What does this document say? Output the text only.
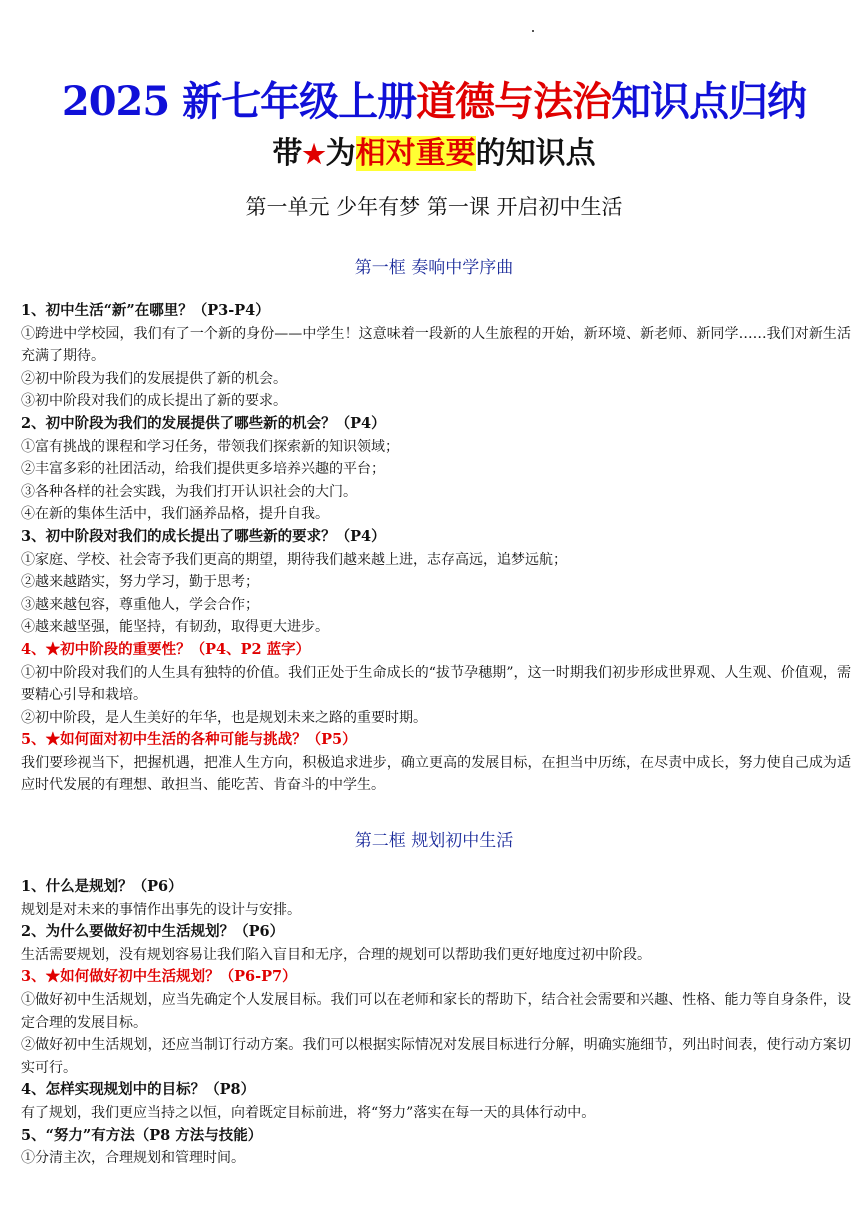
2025 新七年级上册道德与法治知识点归纳
带★为相对重要的知识点
第一单元 少年有梦 第一课 开启初中生活
第一框 奏响中学序曲
1、初中生活“新”在哪里？（P3-P4）
①跨进中学校园，我们有了一个新的身份——中学生！这意味着一段新的人生旅程的开始，新环境、新老师、新同学……我们对新生活充满了期待。
②初中阶段为我们的发展提供了新的机会。
③初中阶段对我们的成长提出了新的要求。
2、初中阶段为我们的发展提供了哪些新的机会？（P4）
①富有挑战的课程和学习任务，带领我们探索新的知识领域；
②丰富多彩的社团活动，给我们提供更多培养兴趣的平台；
③各种各样的社会实践，为我们打开认识社会的大门。
④在新的集体生活中，我们涵养品格，提升自我。
3、初中阶段对我们的成长提出了哪些新的要求？（P4）
①家庭、学校、社会寄予我们更高的期望，期待我们越来越上进，志存高远，追梦远航；
②越来越踏实，努力学习，勤于思考；
③越来越包容，尊重他人，学会合作；
④越来越坚强，能坚持，有韧劲，取得更大进步。
4、★初中阶段的重要性？（P4、P2 蓝字）
①初中阶段对我们的人生具有独特的价值。我们正处于生命成长的“拔节孕穗期”，这一时期我们初步形成世界观、人生观、价值观，需要精心引导和栽培。
②初中阶段，是人生美好的年华，也是规划未来之路的重要时期。
5、★如何面对初中生活的各种可能与挑战？（P5）
我们要珍视当下，把握机遇，把准人生方向，积极追求进步，确立更高的发展目标，在担当中历练，在尽责中成长，努力使自己成为适应时代发展的有理想、敢担当、能吃苦、肯奋斗的中学生。
第二框 规划初中生活
1、什么是规划？（P6）
规划是对未来的事情作出事先的设计与安排。
2、为什么要做好初中生活规划？（P6）
生活需要规划，没有规划容易让我们陷入盲目和无序，合理的规划可以帮助我们更好地度过初中阶段。
3、★如何做好初中生活规划？（P6-P7）
①做好初中生活规划，应当先确定个人发展目标。我们可以在老师和家长的帮助下，结合社会需要和兴趣、性格、能力等自身条件，设定合理的发展目标。
②做好初中生活规划，还应当制订行动方案。我们可以根据实际情况对发展目标进行分解，明确实施细节，列出时间表，使行动方案切实可行。
4、怎样实现规划中的目标？（P8）
有了规划，我们更应当持之以恒，向着既定目标前进，将“努力”落实在每一天的具体行动中。
5、“努力”有方法（P8 方法与技能）
①分清主次，合理规划和管理时间。
